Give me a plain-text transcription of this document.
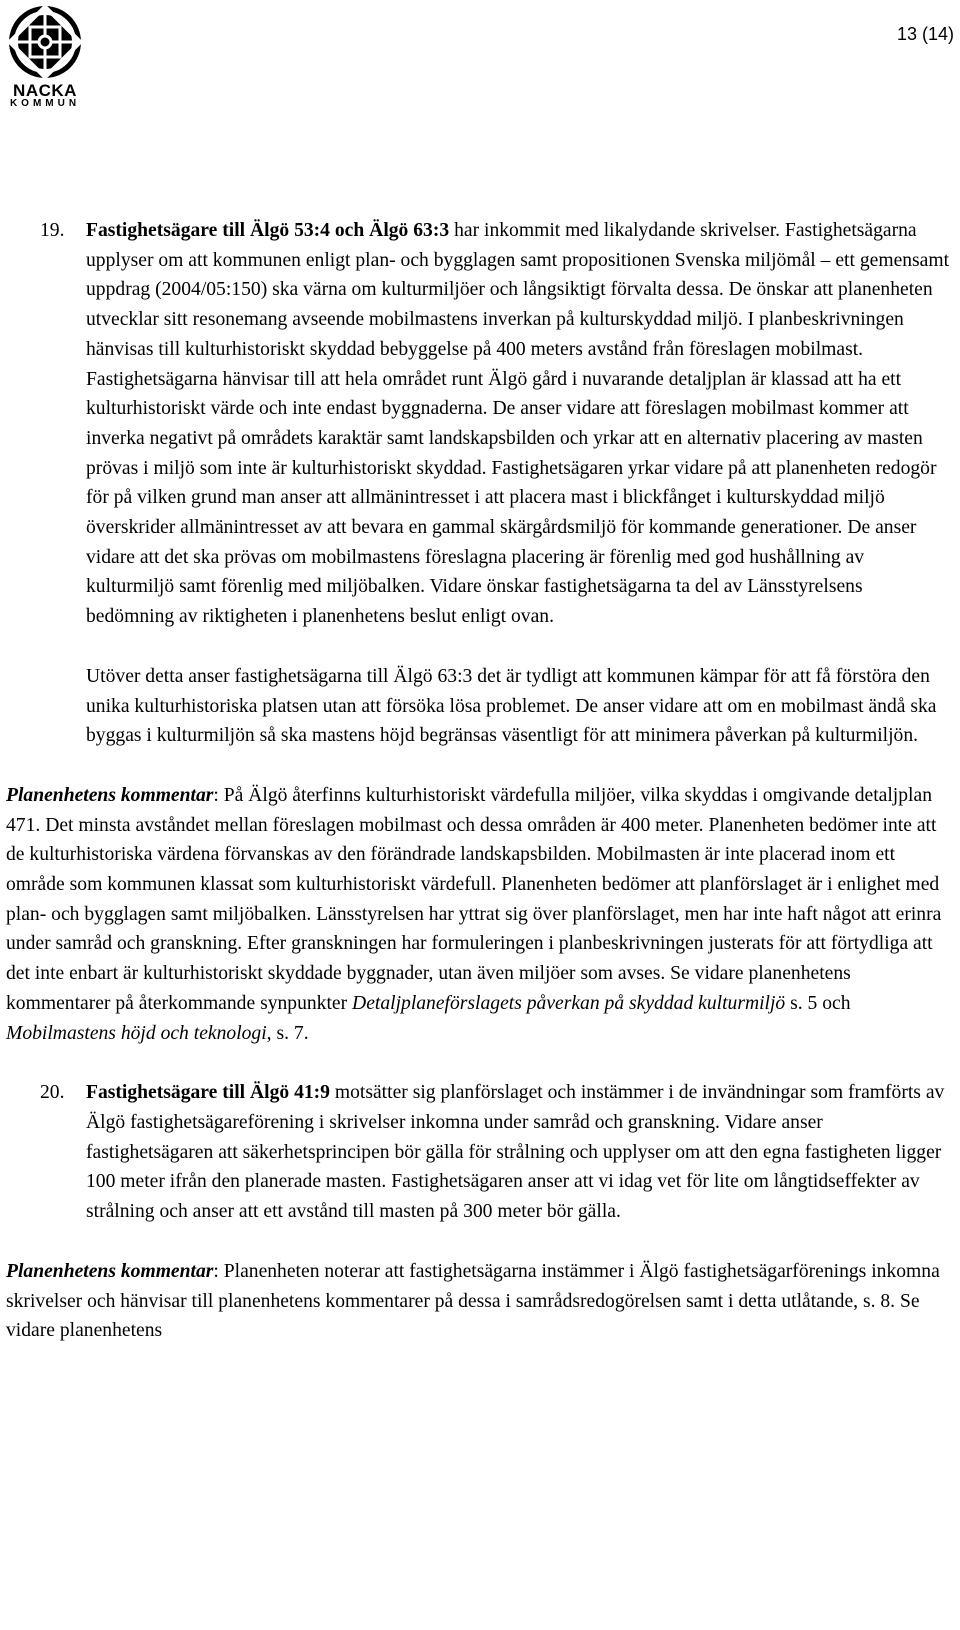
NACKA
KOMMUN
13 (14)
19. Fastighetsägare till Älgö 53:4 och Älgö 63:3 har inkommit med likalydande skrivelser. Fastighetsägarna upplyser om att kommunen enligt plan- och bygglagen samt propositionen Svenska miljömål – ett gemensamt uppdrag (2004/05:150) ska värna om kulturmiljöer och långsiktigt förvalta dessa. De önskar att planenheten utvecklar sitt resonemang avseende mobilmastens inverkan på kulturskyddad miljö. I planbeskrivningen hänvisas till kulturhistoriskt skyddad bebyggelse på 400 meters avstånd från föreslagen mobilmast. Fastighetsägarna hänvisar till att hela området runt Älgö gård i nuvarande detaljplan är klassad att ha ett kulturhistoriskt värde och inte endast byggnaderna. De anser vidare att föreslagen mobilmast kommer att inverka negativt på områdets karaktär samt landskapsbilden och yrkar att en alternativ placering av masten prövas i miljö som inte är kulturhistoriskt skyddad. Fastighetsägaren yrkar vidare på att planenheten redogör för på vilken grund man anser att allmänintresset i att placera mast i blickfånget i kulturskyddad miljö överskrider allmänintresset av att bevara en gammal skärgårdsmiljö för kommande generationer. De anser vidare att det ska prövas om mobilmastens föreslagna placering är förenlig med god hushållning av kulturmiljö samt förenlig med miljöbalken. Vidare önskar fastighetsägarna ta del av Länsstyrelsens bedömning av riktigheten i planenhetens beslut enligt ovan.

Utöver detta anser fastighetsägarna till Älgö 63:3 det är tydligt att kommunen kämpar för att få förstöra den unika kulturhistoriska platsen utan att försöka lösa problemet. De anser vidare att om en mobilmast ändå ska byggas i kulturmiljön så ska mastens höjd begränsas väsentligt för att minimera påverkan på kulturmiljön.

Planenhetens kommentar: På Älgö återfinns kulturhistoriskt värdefulla miljöer, vilka skyddas i omgivande detaljplan 471. Det minsta avståndet mellan föreslagen mobilmast och dessa områden är 400 meter. Planenheten bedömer inte att de kulturhistoriska värdena förvanskas av den förändrade landskapsbilden. Mobilmasten är inte placerad inom ett område som kommunen klassat som kulturhistoriskt värdefull. Planenheten bedömer att planförslaget är i enlighet med plan- och bygglagen samt miljöbalken. Länsstyrelsen har yttrat sig över planförslaget, men har inte haft något att erinra under samråd och granskning. Efter granskningen har formuleringen i planbeskrivningen justerats för att förtydliga att det inte enbart är kulturhistoriskt skyddade byggnader, utan även miljöer som avses. Se vidare planenhetens kommentarer på återkommande synpunkter Detaljplaneförslagets påverkan på skyddad kulturmiljö s. 5 och Mobilmastens höjd och teknologi, s. 7.

20. Fastighetsägare till Älgö 41:9 motsätter sig planförslaget och instämmer i de invändningar som framförts av Älgö fastighetsägareförening i skrivelser inkomna under samråd och granskning. Vidare anser fastighetsägaren att säkerhetsprincipen bör gälla för strålning och upplyser om att den egna fastigheten ligger 100 meter ifrån den planerade masten. Fastighetsägaren anser att vi idag vet för lite om långtidseffekter av strålning och anser att ett avstånd till masten på 300 meter bör gälla.

Planenhetens kommentar: Planenheten noterar att fastighetsägarna instämmer i Älgö fastighetsägarförenings inkomna skrivelser och hänvisar till planenhetens kommentarer på dessa i samrådsredogörelsen samt i detta utlåtande, s. 8. Se vidare planenhetens
